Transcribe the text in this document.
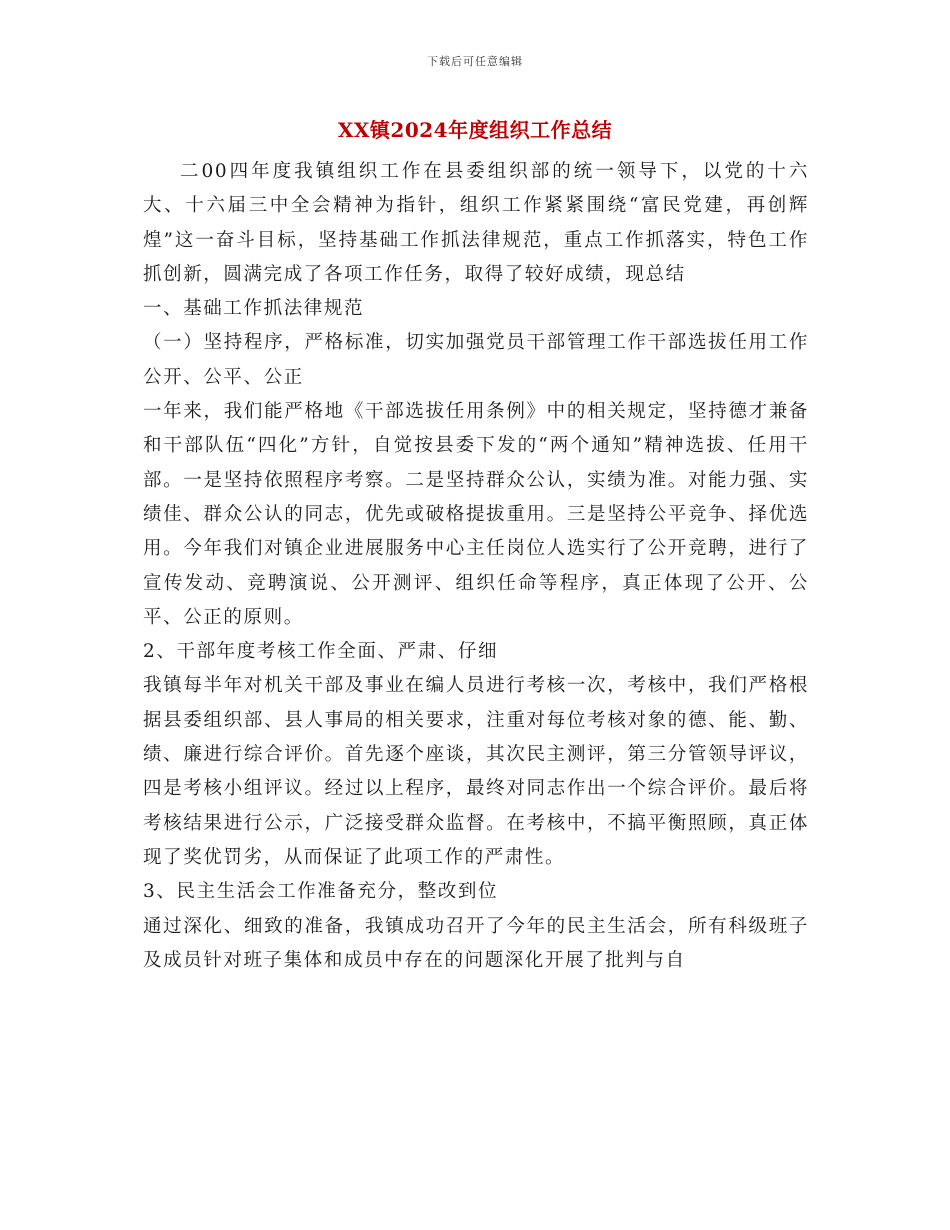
下载后可任意编辑
XX镇2024年度组织工作总结

二00四年度我镇组织工作在县委组织部的统一领导下，以党的十六大、十六届三中全会精神为指针，组织工作紧紧围绕“富民党建，再创辉煌”这一奋斗目标，坚持基础工作抓法律规范，重点工作抓落实，特色工作抓创新，圆满完成了各项工作任务，取得了较好成绩，现总结

一、基础工作抓法律规范

（一）坚持程序，严格标准，切实加强党员干部管理工作干部选拔任用工作公开、公平、公正

一年来，我们能严格地《干部选拔任用条例》中的相关规定，坚持德才兼备和干部队伍“四化”方针，自觉按县委下发的“两个通知”精神选拔、任用干部。一是坚持依照程序考察。二是坚持群众公认，实绩为准。对能力强、实绩佳、群众公认的同志，优先或破格提拔重用。三是坚持公平竞争、择优选用。今年我们对镇企业进展服务中心主任岗位人选实行了公开竞聘，进行了宣传发动、竞聘演说、公开测评、组织任命等程序，真正体现了公开、公平、公正的原则。

2、干部年度考核工作全面、严肃、仔细

我镇每半年对机关干部及事业在编人员进行考核一次，考核中，我们严格根据县委组织部、县人事局的相关要求，注重对每位考核对象的德、能、勤、绩、廉进行综合评价。首先逐个座谈，其次民主测评，第三分管领导评议，四是考核小组评议。经过以上程序，最终对同志作出一个综合评价。最后将考核结果进行公示，广泛接受群众监督。在考核中，不搞平衡照顾，真正体现了奖优罚劣，从而保证了此项工作的严肃性。

3、民主生活会工作准备充分，整改到位

通过深化、细致的准备，我镇成功召开了今年的民主生活会，所有科级班子及成员针对班子集体和成员中存在的问题深化开展了批判与自
